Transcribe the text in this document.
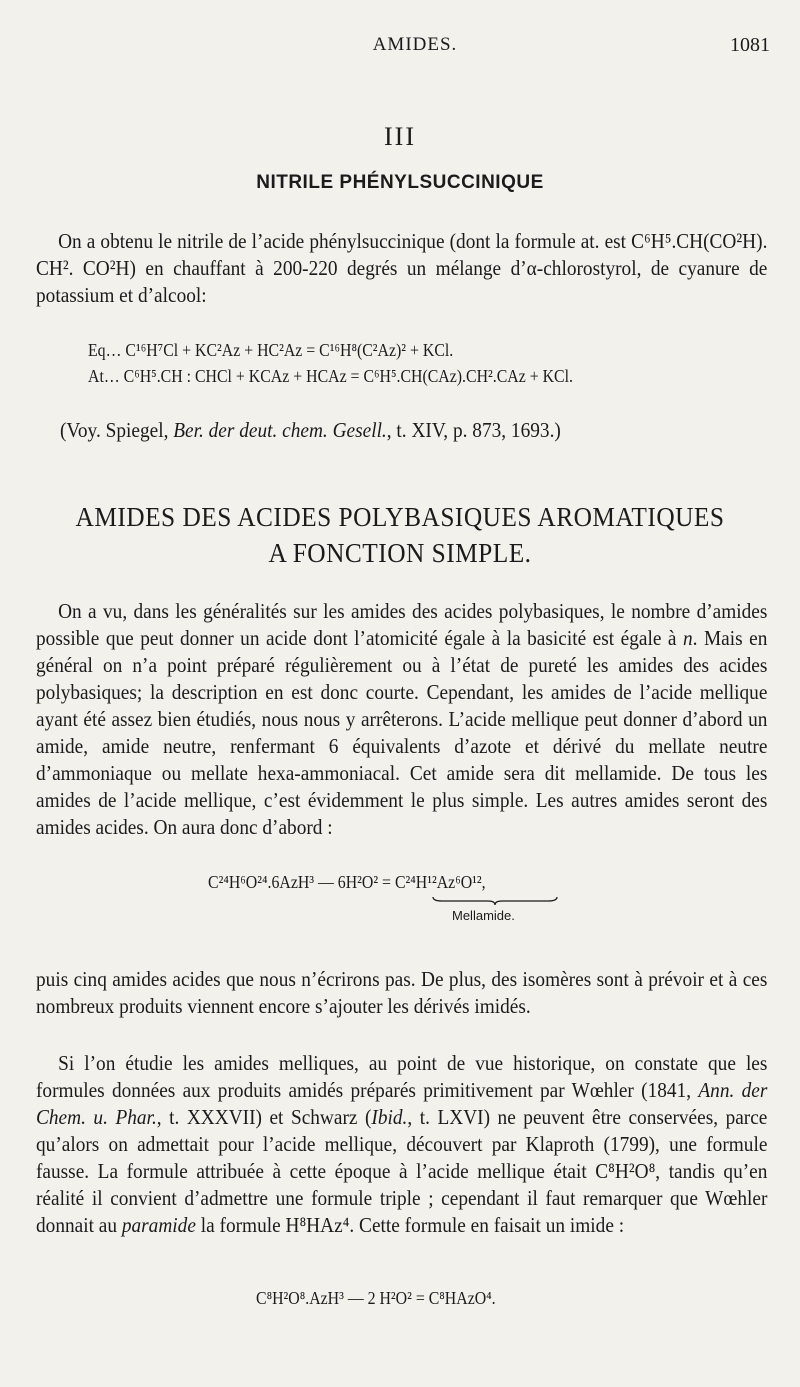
AMIDES.	1081
III
NITRILE PHÉNYLSUCCINIQUE
On a obtenu le nitrile de l’acide phénylsuccinique (dont la formule at. est C⁶H⁵.CH(CO²H). CH². CO²H) en chauffant à 200-220 degrés un mélange d’α-chlorostyrol, de cyanure de potassium et d’alcool:
Eq… C¹⁶H⁷Cl + KC²Az + HC²Az = C¹⁶H⁸(C²Az)² + KCl.
At… C⁶H⁵.CH : CHCl + KCAz + HCAz = C⁶H⁵.CH(CAz).CH².CAz + KCl.
(Voy. Spiegel, Ber. der deut. chem. Gesell., t. XIV, p. 873, 1693.)
AMIDES DES ACIDES POLYBASIQUES AROMATIQUES
A FONCTION SIMPLE.
On a vu, dans les généralités sur les amides des acides polybasiques, le nombre d’amides possible que peut donner un acide dont l’atomicité égale à la basicité est égale à n. Mais en général on n’a point préparé régulièrement ou à l’état de pureté les amides des acides polybasiques; la description en est donc courte. Cependant, les amides de l’acide mellique ayant été assez bien étudiés, nous nous y arrêterons. L’acide mellique peut donner d’abord un amide, amide neutre, renfermant 6 équivalents d’azote et dérivé du mellate neutre d’ammoniaque ou mellate hexa-ammoniacal. Cet amide sera dit mellamide. De tous les amides de l’acide mellique, c’est évidemment le plus simple. Les autres amides seront des amides acides. On aura donc d’abord :
C²⁴H⁶O²⁴.6AzH³ — 6H²O² = C²⁴H¹²Az⁶O¹²,
Mellamide.
puis cinq amides acides que nous n’écrirons pas. De plus, des isomères sont à prévoir et à ces nombreux produits viennent encore s’ajouter les dérivés imidés.
Si l’on étudie les amides melliques, au point de vue historique, on constate que les formules données aux produits amidés préparés primitivement par Wœhler (1841, Ann. der Chem. u. Phar., t. XXXVII) et Schwarz (Ibid., t. LXVI) ne peuvent être conservées, parce qu’alors on admettait pour l’acide mellique, découvert par Klaproth (1799), une formule fausse. La formule attribuée à cette époque à l’acide mellique était C⁸H²O⁸, tandis qu’en réalité il convient d’admettre une formule triple ; cependant il faut remarquer que Wœhler donnait au paramide la formule H⁸HAz⁴. Cette formule en faisait un imide :
C⁸H²O⁸.AzH³ — 2 H²O² = C⁸HAzO⁴.
